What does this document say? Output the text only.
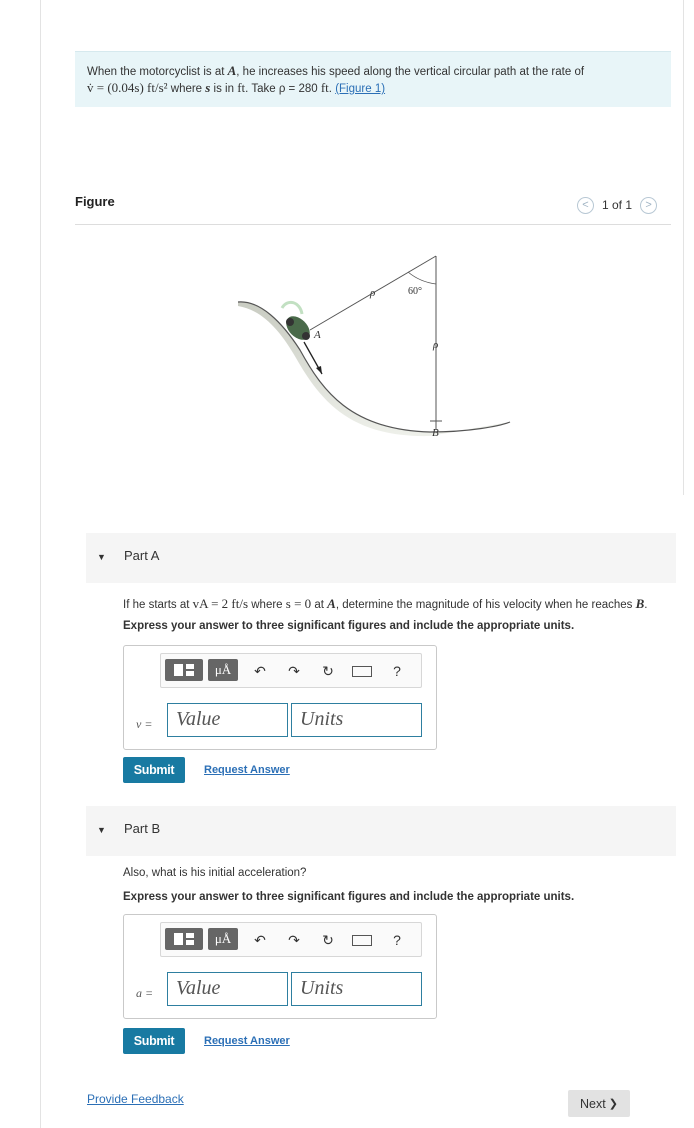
When the motorcyclist is at A, he increases his speed along the vertical circular path at the rate of
v̇ = (0.04s) ft/s² where s is in ft. Take ρ = 280 ft. (Figure 1)
Figure	< 1 of 1 >
ρ	60°
ρ
A
B
▼ Part A
If he starts at vA = 2 ft/s where s = 0 at A, determine the magnitude of his velocity when he reaches B.
Express your answer to three significant figures and include the appropriate units.
μÅ ↶ ↷ ↻	?
v =	Value	Units
Submit	Request Answer
▼ Part B
Also, what is his initial acceleration?
Express your answer to three significant figures and include the appropriate units.
μÅ ↶ ↷ ↻	?
a =	Value	Units
Submit	Request Answer
Provide Feedback	Next ❯
